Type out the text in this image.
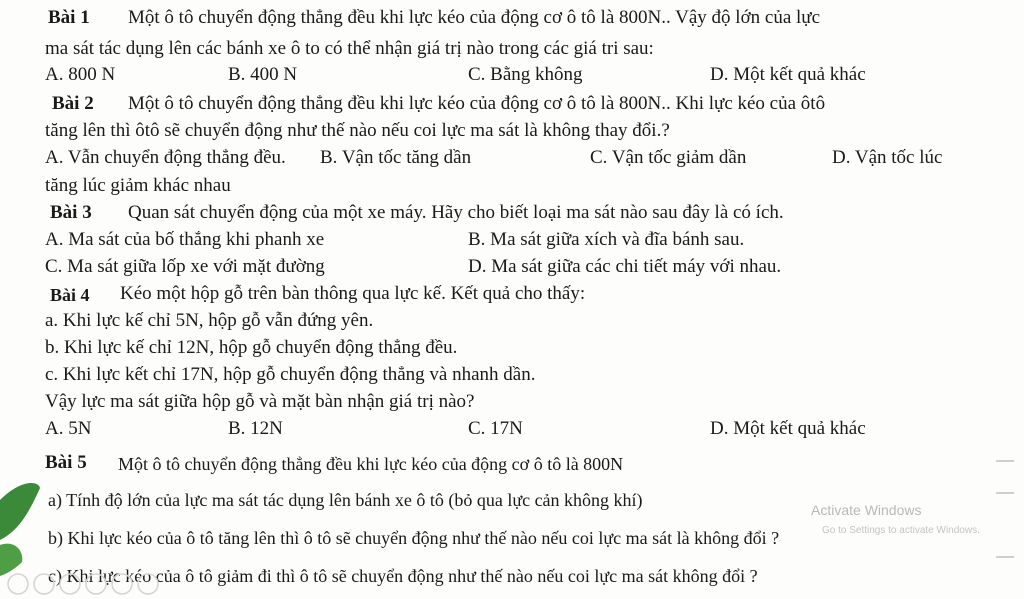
Bài 1 Một ô tô chuyển động thẳng đều khi lực kéo của động cơ ô tô là 800N.. Vậy độ lớn của lực
ma sát tác dụng lên các bánh xe ô to có thể nhận giá trị nào trong các giá tri sau:
A. 800 N	B. 400 N	C. Bằng không	D. Một kết quả khác
Bài 2 Một ô tô chuyển động thẳng đều khi lực kéo của động cơ ô tô là 800N.. Khi lực kéo của ôtô
tăng lên thì ôtô sẽ chuyển động như thế nào nếu coi lực ma sát là không thay đổi.?
A. Vẫn chuyển động thẳng đều. B. Vận tốc tăng dần	C. Vận tốc giảm dần	D. Vận tốc lúc
tăng lúc giảm khác nhau
Bài 3 Quan sát chuyển động của một xe máy. Hãy cho biết loại ma sát nào sau đây là có ích.
A. Ma sát của bố thắng khi phanh xe	B. Ma sát giữa xích và đĩa bánh sau.
C. Ma sát giữa lốp xe với mặt đường	D. Ma sát giữa các chi tiết máy với nhau.
Bài 4 Kéo một hộp gỗ trên bàn thông qua lực kế. Kết quả cho thấy:
a. Khi lực kế chỉ 5N, hộp gỗ vẫn đứng yên.
b. Khi lực kế chỉ 12N, hộp gỗ chuyển động thẳng đều.
c. Khi lực kết chỉ 17N, hộp gỗ chuyển động thẳng và nhanh dần.
Vậy lực ma sát giữa hộp gỗ và mặt bàn nhận giá trị nào?
A. 5N	B. 12N	C. 17N	D. Một kết quả khác
Bài 5 Một ô tô chuyển động thẳng đều khi lực kéo của động cơ ô tô là 800N
a) Tính độ lớn của lực ma sát tác dụng lên bánh xe ô tô (bỏ qua lực cản không khí)
b) Khi lực kéo của ô tô tăng lên thì ô tô sẽ chuyển động như thế nào nếu coi lực ma sát là không đổi ?
c) Khi lực kéo của ô tô giảm đi thì ô tô sẽ chuyển động như thế nào nếu coi lực ma sát không đổi ?
Activate Windows
Go to Settings to activate Windows.
